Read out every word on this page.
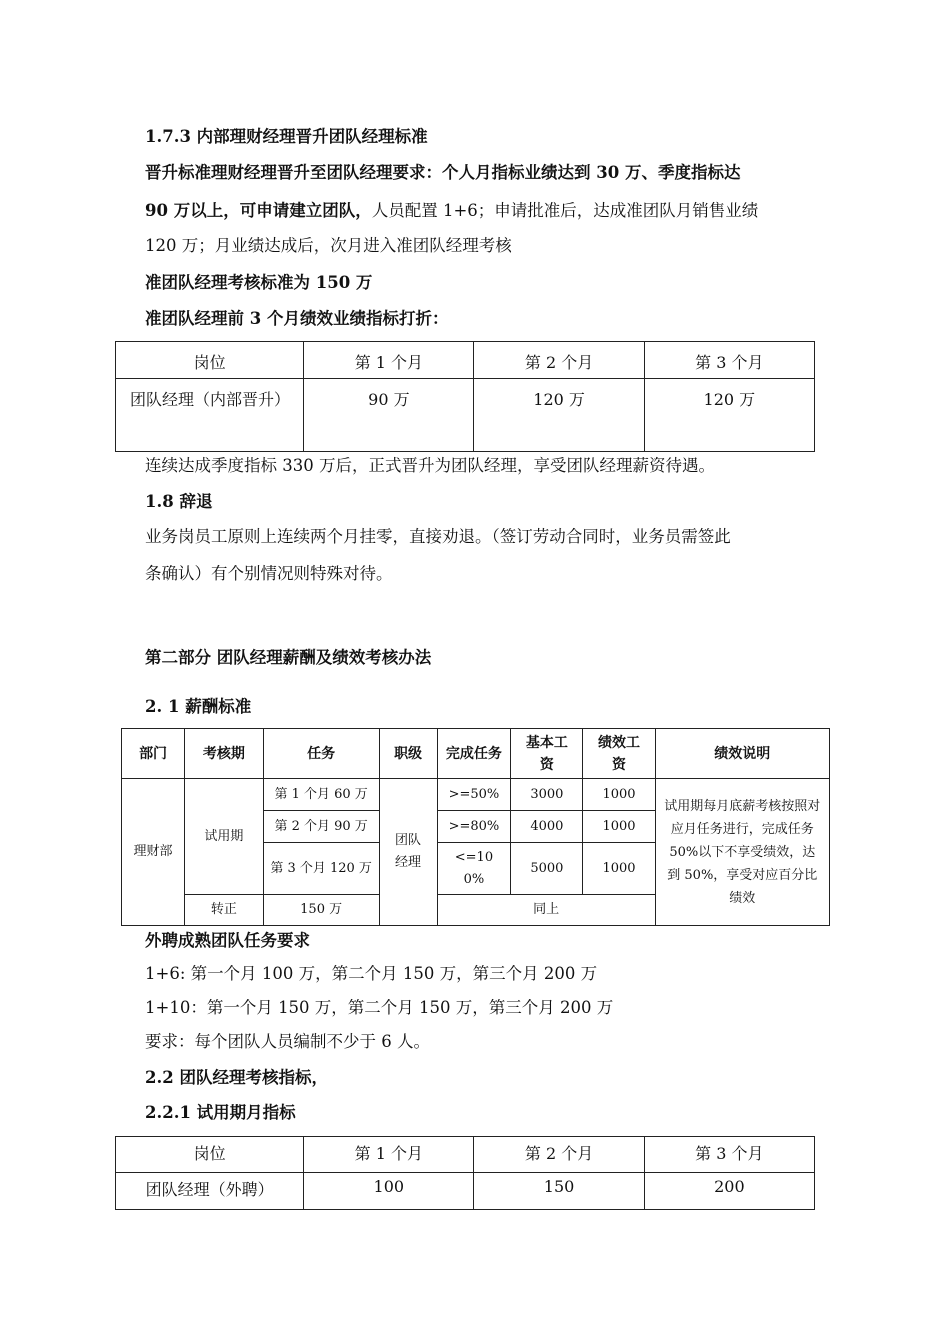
1.7.3 内部理财经理晋升团队经理标准
晋升标准理财经理晋升至团队经理要求：个人月指标业绩达到 30 万、季度指标达
90 万以上，可申请建立团队，人员配置 1+6；申请批准后，达成准团队月销售业绩
120 万；月业绩达成后，次月进入准团队经理考核
准团队经理考核标准为 150 万
准团队经理前 3 个月绩效业绩指标打折：
岗位	第 1 个月	第 2 个月	第 3 个月
团队经理（内部晋升）	90 万	120 万	120 万
连续达成季度指标 330 万后，正式晋升为团队经理，享受团队经理薪资待遇。
1.8 辞退
业务岗员工原则上连续两个月挂零，直接劝退。（签订劳动合同时，业务员需签此
条确认）有个别情况则特殊对待。
第二部分 团队经理薪酬及绩效考核办法
2. 1 薪酬标准
部门	考核期	任务	职级	完成任务	基本工资	绩效工资	绩效说明
理财部	试用期	第 1 个月 60 万	团队经理	>=50%	3000	1000	试用期每月底薪考核按照对应月任务进行，完成任务 50%以下不享受绩效，达到 50%，享受对应百分比绩效
		第 2 个月 90 万		>=80%	4000	1000	
		第 3 个月 120 万		<=100%	5000	1000	
	转正	150 万		同上			
外聘成熟团队任务要求
1+6: 第一个月 100 万，第二个月 150 万，第三个月 200 万
1+10：第一个月 150 万，第二个月 150 万，第三个月 200 万
要求：每个团队人员编制不少于 6 人。
2.2 团队经理考核指标，
2.2.1 试用期月指标
岗位	第 1 个月	第 2 个月	第 3 个月
团队经理（外聘）	100	150	200
